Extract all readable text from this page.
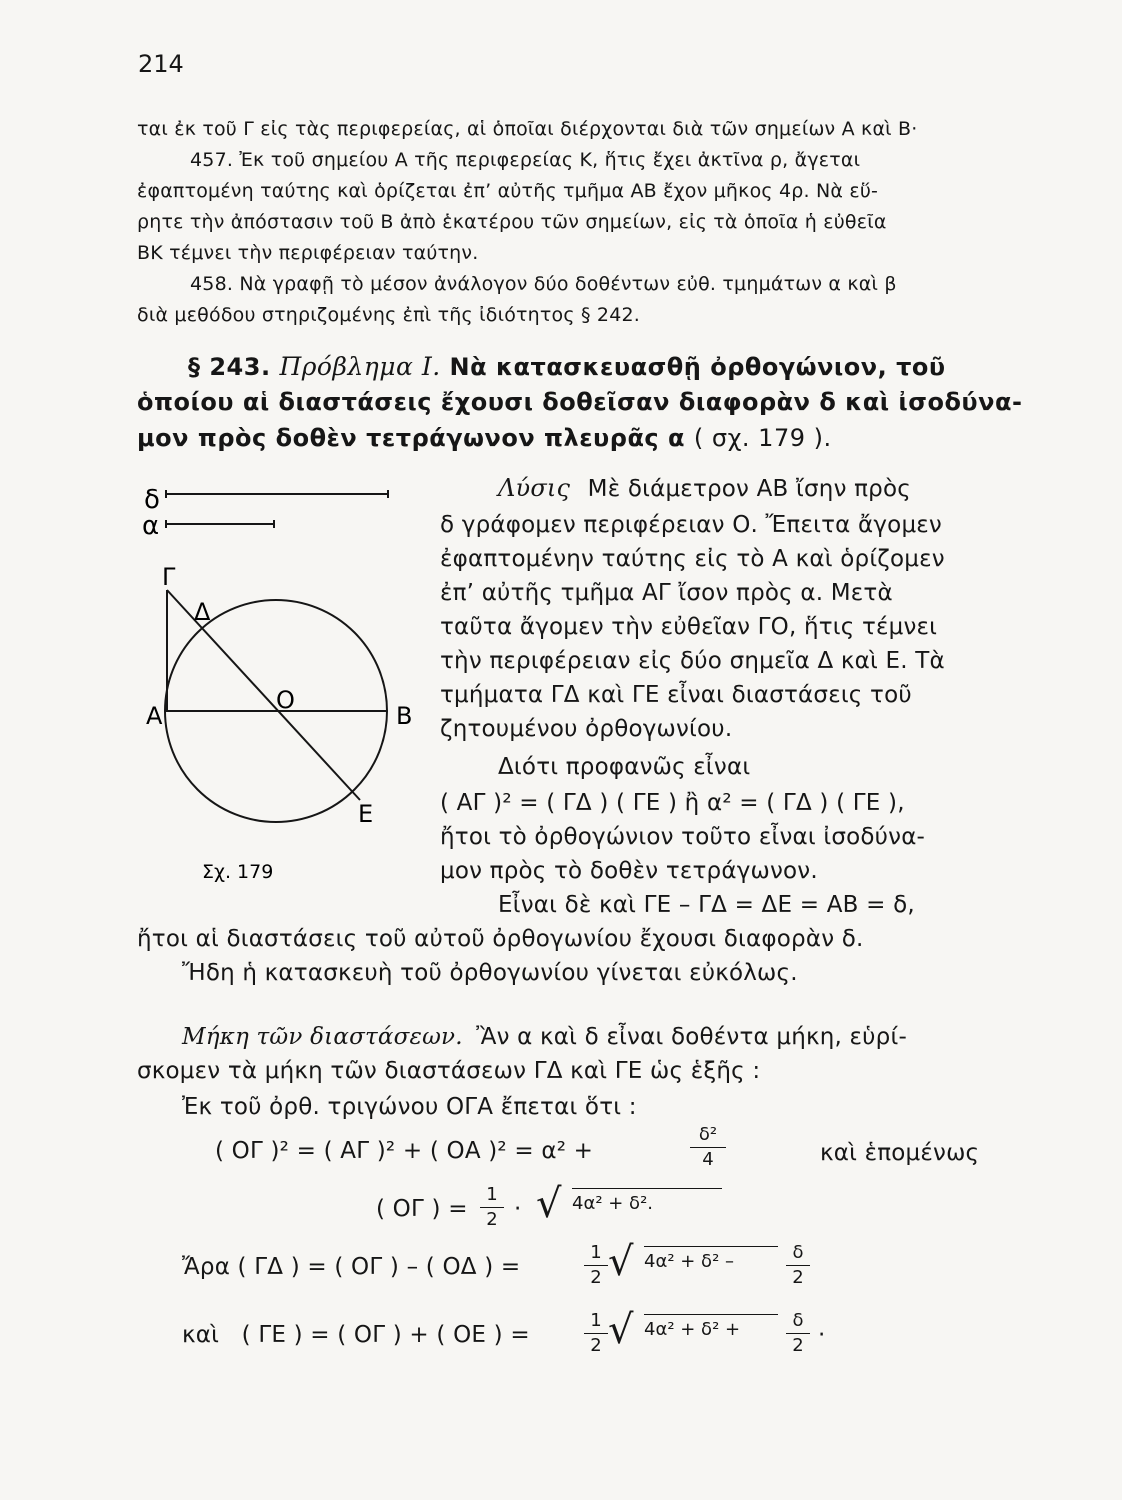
214
ται ἐκ τοῦ Γ εἰς τὰς περιφερείας, αἱ ὁποῖαι διέρχονται διὰ τῶν σημείων Α καὶ Β·
457. Ἐκ τοῦ σημείου Α τῆς περιφερείας Κ, ἥτις ἔχει ἀκτῖνα ρ, ἄγεται
ἐφαπτομένη ταύτης καὶ ὁρίζεται ἐπ’ αὐτῆς τμῆμα ΑΒ ἔχον μῆκος 4ρ. Νὰ εὕ-
ρητε τὴν ἀπόστασιν τοῦ Β ἀπὸ ἑκατέρου τῶν σημείων, εἰς τὰ ὁποῖα ἡ εὐθεῖα
ΒΚ τέμνει τὴν περιφέρειαν ταύτην.
458. Νὰ γραφῇ τὸ μέσον ἀνάλογον δύο δοθέντων εὐθ. τμημάτων α καὶ β
διὰ μεθόδου στηριζομένης ἐπὶ τῆς ἰδιότητος § 242.
§ 243. Πρόβλημα Ι. Νὰ κατασκευασθῇ ὀρθογώνιον, τοῦ
ὁποίου αἱ διαστάσεις ἔχουσι δοθεῖσαν διαφορὰν δ καὶ ἰσοδύνα-
μον πρὸς δοθὲν τετράγωνον πλευρᾶς α ( σχ. 179 ).
δ
α
Γ
Δ
Α
Ο
Β
Ε
Σχ. 179
Λύσις Μὲ διάμετρον ΑΒ ἴσην πρὸς
δ γράφομεν περιφέρειαν Ο. Ἔπειτα ἄγομεν
ἐφαπτομένην ταύτης εἰς τὸ Α καὶ ὁρίζομεν
ἐπ’ αὐτῆς τμῆμα ΑΓ ἴσον πρὸς α. Μετὰ
ταῦτα ἄγομεν τὴν εὐθεῖαν ΓΟ, ἥτις τέμνει
τὴν περιφέρειαν εἰς δύο σημεῖα Δ καὶ Ε. Τὰ
τμήματα ΓΔ καὶ ΓΕ εἶναι διαστάσεις τοῦ
ζητουμένου ὀρθογωνίου.
Διότι προφανῶς εἶναι
( ΑΓ )² = ( ΓΔ ) ( ΓΕ ) ἢ α² = ( ΓΔ ) ( ΓΕ ),
ἤτοι τὸ ὀρθογώνιον τοῦτο εἶναι ἰσοδύνα-
μον πρὸς τὸ δοθὲν τετράγωνον.
Εἶναι δὲ καὶ ΓΕ – ΓΔ = ΔΕ = ΑΒ = δ,
ἤτοι αἱ διαστάσεις τοῦ αὐτοῦ ὀρθογωνίου ἔχουσι διαφορὰν δ.
Ἤδη ἡ κατασκευὴ τοῦ ὀρθογωνίου γίνεται εὐκόλως.
Μήκη τῶν διαστάσεων. Ἂν α καὶ δ εἶναι δοθέντα μήκη, εὑρί-
σκομεν τὰ μήκη τῶν διαστάσεων ΓΔ καὶ ΓΕ ὡς ἑξῆς :
Ἐκ τοῦ ὀρθ. τριγώνου ΟΓΑ ἔπεται ὅτι :
( ΟΓ )² = ( ΑΓ )² + ( ΟΑ )² = α² +
δ²
4	καὶ ἑπομένως
( ΟΓ ) =
1
2 · √ 4α² + δ².
Ἄρα ( ΓΔ ) = ( ΟΓ ) – ( ΟΔ ) =
1
2 √ 4α² + δ² –	δ
2
καὶ   ( ΓΕ ) = ( ΟΓ ) + ( ΟΕ ) =
1
2 √ 4α² + δ² +	δ
2 ·
